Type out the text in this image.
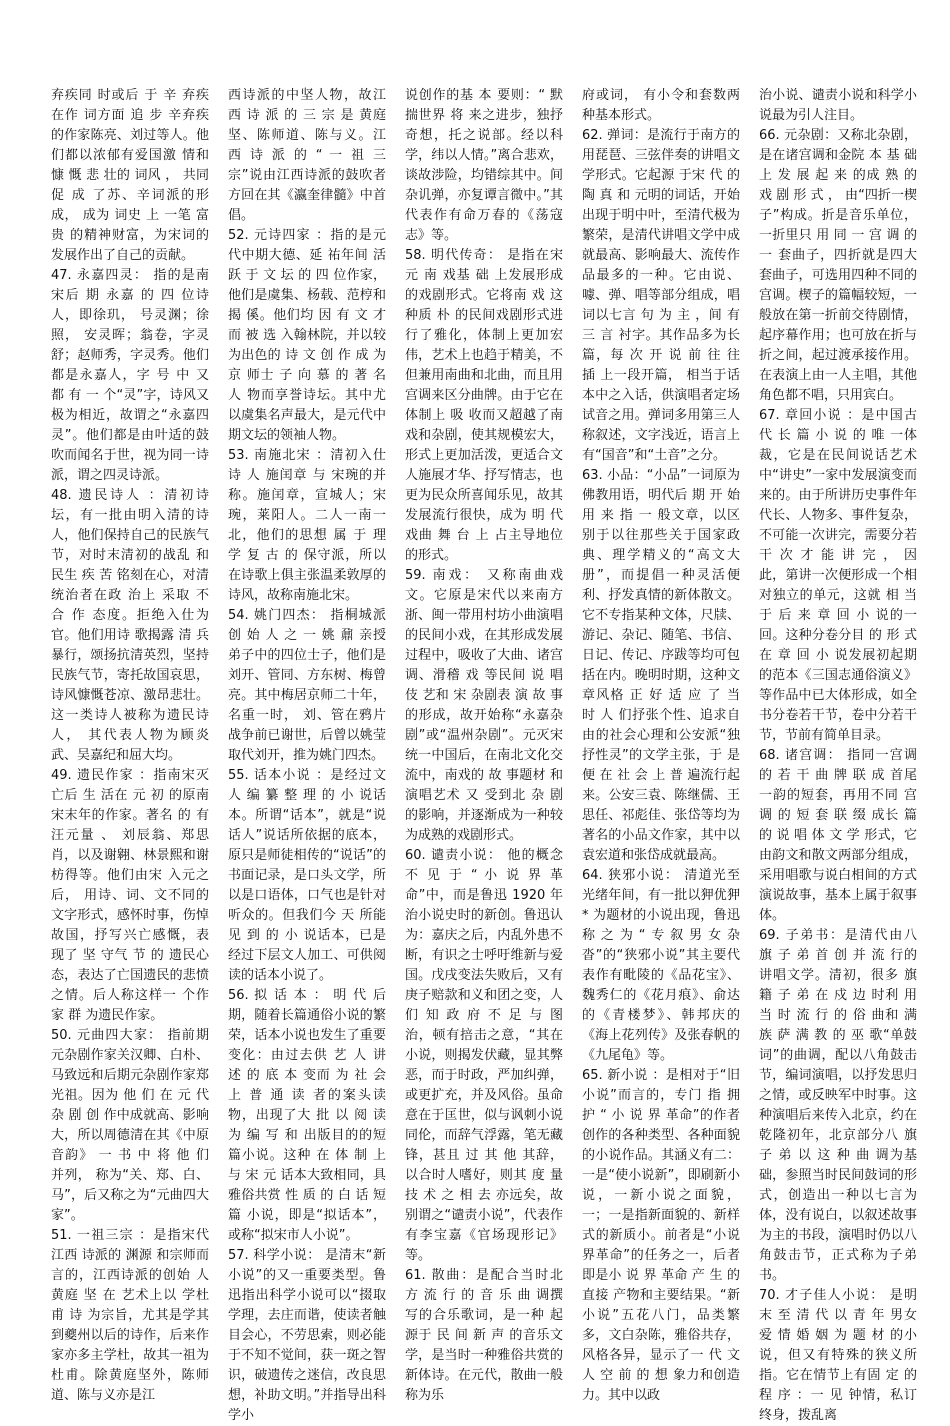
弃疾同 时或后 于 辛 弃疾在作 词方面 追 步 辛弃疾的作家陈亮、刘过等人。他们都以浓郁有爱国激 情和慷 慨 悲 壮的 词风 ， 共同 促 成 了苏、辛词派的形成， 成为 词史 上 一笔 富 贵 的精神财富，为宋词的发展作出了自己的贡献。

47. 永嘉四灵： 指的是南 宋后 期 永嘉 的 四 位诗人，即徐玑， 号灵渊；徐照， 安灵晖；翁卷，字灵舒；赵师秀，字灵秀。他们都是永嘉人，字 号 中 又 都 有 一 个“灵”字，诗风又极为相近，故谓之“永嘉四灵”。他们都是由叶适的鼓吹而闻名于世，视为同一诗派，谓之四灵诗派。

48. 遗民诗人 ：清初诗坛，有一批由明入清的诗人，他们保持自己的民族气节，对时末清初的战乱 和民生 疾 苦 铭刻在心，对清统治者在政 治上 采取 不 合 作 态度。拒绝入仕为官。他们用诗 歌揭露 清 兵 暴行，颂扬抗清英烈，坚持民族气节，寄托故国哀思，诗风慷慨苍凉、激昂悲壮。这一类诗人被称为遗民诗人， 其代表人物为顾炎武、吴嘉纪和屈大均。

49. 遗民作家 ：指南宋灭 亡后 生 活在 元 初 的原南宋末年的作家。著名 的 有 汪元量 、 刘辰翁、郑思肖，以及谢翱、林景熙和谢枋得等。他们由宋 入元之后， 用诗、词、文不同的文字形式，感怀时事，伤悼故国，抒写兴亡感慨，表 现了 坚 守气 节 的 遗民心态，表达了亡国遗民的悲愤之情。后人称这样一 个作家 群 为遗民作家。

50. 元曲四大家： 指前期元杂剧作家关汉卿、白朴、马致远和后期元杂剧作家郑光祖。因为 他 们 在 元 代杂 剧 创 作中成就高、影响大，所以周德清在其《中原音韵》 一 书 中 将 他 们 并列， 称为“关、郑、白、马”，后又称之为“元曲四大家”。

51. 一祖三宗 ：是指宋代江西 诗派的 渊源 和宗师而言的，江西诗派的创始 人黄庭 坚 在 艺术上以 学杜甫 诗 为宗旨，尤其是学其到夔州以后的诗作，后来作家亦多主学杜，故其一祖为杜甫。除黄庭坚外，陈师道、陈与义亦是江

西诗派的中坚人物，故江 西 诗 派 的 三 宗 是 黄庭坚、陈师道、陈与义。江 西 诗 派 的 “ 一 祖 三宗”说由江西诗派的鼓吹者方回在其《瀛奎律髓》中首倡。

52. 元诗四家 ：指的是元代中期大德、延 祐年间 活 跃 于 文 坛 的 四 位作家，他们是虞集、杨载、范梈和揭 傒。他们均 因 有 文 才 而 被 选 入翰林院，并以较为出色的 诗 文 创 作 成 为 京 师士 子 向 慕 的 著 名 人 物而享誉诗坛。其中尤以虞集名声最大，是元代中期文坛的领袖人物。

53. 南施北宋 ：清初入仕 诗 人 施闰章 与 宋琬的并称。施闰章，宣城人；宋琬，莱阳人。二人一南一北，他们的思想 属 于 理 学 复 古 的 保守派，所以在诗歌上俱主张温柔敦厚的诗风，故称南施北宋。

54. 姚门四杰： 指桐城派 创 始 人 之 一 姚 鼐 亲授弟子中的四位士子，他们是刘开、管同、方东树、梅曾亮。其中梅居京师二十年，名重一时， 刘、管在鸦片战争前已谢世，后曾以姚莹取代刘开，推为姚门四杰。

55. 话本小说 ：是经过文 人 编 纂 整 理 的 小 说话本。所谓“话本”，就是“说话人”说话所依据的底本，原只是师徒相传的“说话”的书面记录，是口头文学，所以是口语体，口气也是针对听众的。但我们今 天 所能 见 到 的 小 说话本，已是经过下层文人加工、可供阅读的话本小说了。

56. 拟 话 本 ： 明 代 后期，随着长篇通俗小说的繁荣，话本小说也发生了重要变化：由过去供 艺 人 讲 述 的 底 本 变而 为 社 会 上 普 通 读 者的案头读物，出现了大 批 以 阅 读 为 编 写 和 出版目的的短篇小说。这种 在 体 制 上 与 宋 元 话本大致相同，具雅俗共赏 性 质 的 白 话 短 篇 小说，即是“拟话本”，或称“拟宋市人小说”。

57. 科学小说： 是清末“新小说”的又一重要类型。鲁迅指出科学小说可以“掇取学理，去庄而谐，使读者触目会心，不劳思索，则必能于不知不觉间，获一斑之智识，破遗传之迷信，改良思想，补助文明。”并指导出科学小

说创作的基 本 要则：“ 默 揣世界 将 来之进步，独抒奇想，托之说部。经以科学，纬以人情。”离合悲欢，谈故涉险，均错综其中。间杂讥弹，亦复谭言微中。”其代表作有命万春的《荡寇志》等。

58. 明代传奇： 是指在宋 元 南 戏基 础 上发展形成的戏剧形式。它将南 戏 这种质 朴 的民间戏剧形式进行了雅化，体制上更加宏伟，艺术上也趋于精美，不但兼用南曲和北曲，而且用宫调来区分曲牌。由于它在 体制上 吸 收而又超越了南戏和杂剧，使其规模宏大，形式上更加活泼，更适合文人施展才华、抒写情志，也更为民众所喜闻乐见，故其发展流行很快，成为 明 代 戏曲 舞 台 上 占主导地位的形式。

59. 南戏： 又称南曲戏文。它原是宋代以来南方浙、闽一带用村坊小曲演唱的民间小戏，在其形成发展过程中，吸收了大曲、诸宫调、滑稽 戏 等民间 说 唱 伎 艺和 宋 杂剧表 演 故 事 的形成，故开始称“永嘉杂剧”或“温州杂剧”。元灭宋统一中国后，在南北文化交流中，南戏的 故 事题材 和 演唱艺术 又 受到北 杂 剧 的影响，并逐渐成为一种较为成熟的戏剧形式。

60. 谴责小说： 他的概念 不 见 于 “ 小 说 界 革命”中，而是鲁迅 1920 年治小说史时的新创。鲁迅认为：嘉庆之后，内乱外患不断，有识之士呼吁维新与爱国。戊戌变法失败后，又有庚子赔款和义和团之变，人 们 知 政 府 不 足 与 图治，顿有掊击之意，“其在小说，则揭发伏藏，显其弊恶，而于时政，严加纠弹，或更扩充，并及风俗。虽命意在于匡世，似与讽刺小说同伦，而辞气浮露，笔无藏锋，甚且 过 其 他 其辞，以合时人嗜好，则其 度 量 技 术 之 相 去 亦远矣，故别谓之“谴责小说”，代表作有李宝嘉《官场现形记》等。

61. 散曲：是配合当时北 方 流 行 的 音 乐 曲 调撰写的合乐歌词，是一种 起 源于 民 间 新 声 的音乐文学，是当时一种雅俗共赏的新体诗。在元代，散曲一般称为乐

府或词， 有小令和套数两种基本形式。

62. 弹词：是流行于南方的用琵琶、三弦伴奏的讲唱文学形式。它起源 于宋 代 的 陶 真 和 元明的词话，开始出现于明中叶，至清代极为繁荣，是清代讲唱文学中成就最高、影响最大、流传作品最多的一种。它由说、噱、弹、唱等部分组成，唱词以七言 句 为 主 ，间 有 三 言 衬字。其作品多为长篇，每 次 开 说 前 往 往 插 上一段开篇， 相当于话本中之入话，供演唱者定场试音之用。弹词多用第三人称叙述，文字浅近，语言上有“国音”和“土音”之分。

63. 小品：“小品”一词原为佛教用语，明代后 期 开 始 用 来 指 一 般文章，以区别于以往那些关于国家政典、理学精义的“高文大册”，而提倡一种灵活便利、抒发真情的新体散文。它不专指某种文体，尺牍、游记、杂记、随笔、书信、日记、传记、序跋等均可包括在内。晚明时期，这种文章风格 正 好 适 应 了 当 时 人 们抒张个性、追求自由的社会心理和公安派“独抒性灵”的文学主张，于 是 便 在 社 会 上 普 遍流行起来。公安三袁、陈继儒、王思任、祁彪佳、张岱等均为著名的小品文作家，其中以袁宏道和张岱成就最高。

64. 狭邪小说： 清道光至光绪年间，有一批以狎优狎 * 为题材的小说出现，鲁迅称之为“专叙男女杂沓”的“狭邪小说”其主要代表作有毗陵的《品花宝》、魏秀仁的《花月痕》、俞达的《青楼梦》、韩邦庆的《海上花列传》及张春帆的《九尾龟》等。

65. 新小说 ：是相对于“旧小说”而言的，专门 指 拥 护 “ 小 说 界 革命”的作者创作的各种类型、各种面貌的小说作品。其涵义有二：一是“使小说新”，即刷新小说，一新小说之面貌， 一；一是指新面貌的、新样式的新质小。前者是“小说界革命”的任务之一，后者即是小 说 界 革命 产 生 的 直接 产物和主要结果。“新小说”五花八门，品类繁多，文白杂陈，雅俗共存，风格各异，显示了一 代 文 人 空 前 的 想 象力和创造力。其中以政

治小说、谴责小说和科学小说最为引人注目。

66. 元杂剧：又称北杂剧，是在诸宫调和金院 本 基 础 上 发 展 起 来 的成 熟 的 戏 剧 形 式 ， 由“四折一楔子”构成。折是音乐单位，一折里只 用 同 一 宫 调 的 一 套曲子，四折就是四大套曲子，可选用四种不同的宫调。楔子的篇幅较短，一般放在第一折前交待剧情， 起序幕作用；也可放在折与折之间，起过渡承接作用。在表演上由一人主唱，其他角色都不唱，只用宾白。

67. 章回小说 ：是中国古 代 长 篇 小 说 的 唯 一体裁，它是在民间说话艺术中“讲史”一家中发展演变而来的。由于所讲历史事件年代长、人物多、事件复杂，不可能一次讲完，需要分若 干 次 才 能 讲 完 ， 因此，第讲一次便形成一个相对独立的单元，这就 相 当 于 后 来 章 回 小 说的一回。这种分卷分目 的 形 式 在 章 回 小 说发展初起期的范本《三国志通俗演义》等作品中已大体形成，如全书分卷若干节，卷中分若干节，节前有简单目录。

68. 诸宫调： 指同一宫调 的 若 干 曲 牌 联 成 首尾一韵的短套，再用不同 宫 调 的 短 套 联 缀 成长 篇 的 说 唱 体 文 学 形式，它由韵文和散文两部分组成，采用唱歌与说白相间的方式演说故事，基本上属于叙事体。

69. 子弟书：是清代由八 旗 子 弟 首 创 并 流 行的讲唱文学。清初，很多 旗 籍 子 弟 在 戍 边 时利 用 当 时 流 行 的 俗 曲和 满 族 萨 满 教 的 巫 歌“单鼓词”的曲调，配以八角鼓击节，编词演唱，以抒发思归之情，或反映军中时事。这种演唱后来传入北京，约在乾隆初年，北京部分八 旗 子 弟 以 这 种 曲 调为基础，参照当时民间鼓词的形式，创造出一种以七言为体，没有说白，以叙述故事为主的书段，演唱时仍以八角鼓击节，正式称为子弟书。

70. 才子佳人小说： 是明 末 至 清 代 以 青 年 男女 爱 情 婚 姻 为 题 材 的小说，但又有特殊的狭义所指。它在情节上有固 定 的 程 序 ：一 见 钟情，私订终身，拨乱离
